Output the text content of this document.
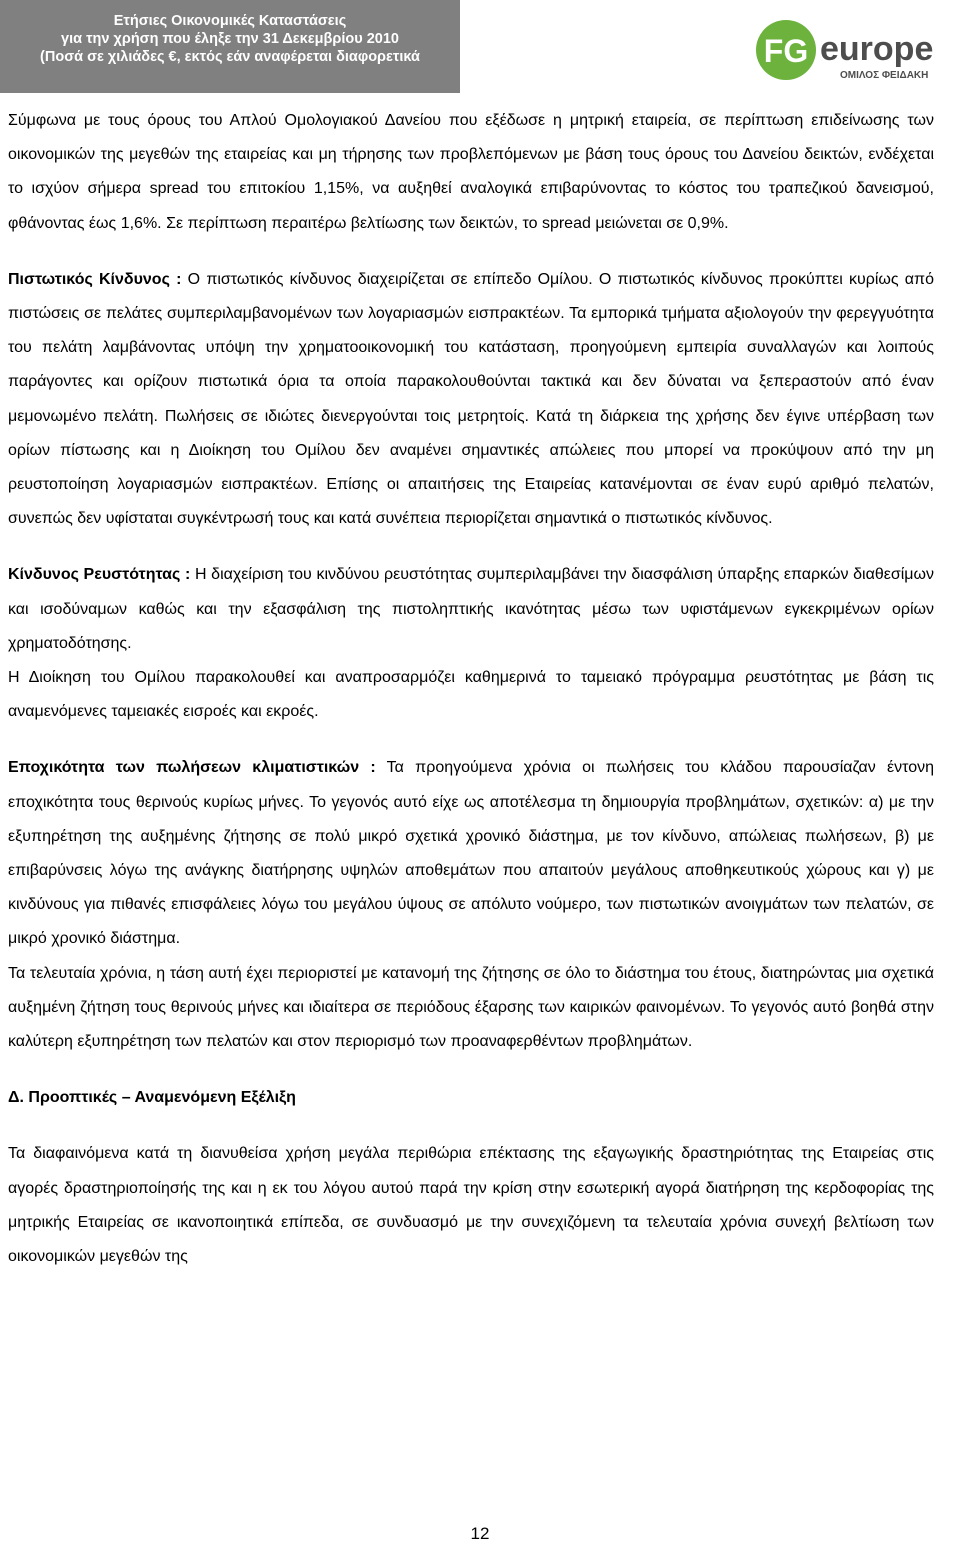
Ετήσιες Οικονομικές Καταστάσεις
για την χρήση που έληξε την 31 Δεκεμβρίου 2010
(Ποσά σε χιλιάδες €, εκτός εάν αναφέρεται διαφορετικά	FG europe
ΟΜΙΛΟΣ ΦΕΙΔΑΚΗ

Σύμφωνα με τους όρους του Απλού Ομολογιακού Δανείου που εξέδωσε η μητρική εταιρεία, σε περίπτωση επιδείνωσης των οικονομικών της μεγεθών της εταιρείας και μη τήρησης των προβλεπόμενων με βάση τους όρους του Δανείου δεικτών, ενδέχεται το ισχύον σήμερα spread του επιτοκίου 1,15%, να αυξηθεί αναλογικά επιβαρύνοντας το κόστος του τραπεζικού δανεισμού, φθάνοντας έως 1,6%. Σε περίπτωση περαιτέρω βελτίωσης των δεικτών, το spread μειώνεται σε 0,9%.

Πιστωτικός Κίνδυνος : Ο πιστωτικός κίνδυνος διαχειρίζεται σε επίπεδο Ομίλου. Ο πιστωτικός κίνδυνος προκύπτει κυρίως από πιστώσεις σε πελάτες συμπεριλαμβανομένων των λογαριασμών εισπρακτέων. Τα εμπορικά τμήματα αξιολογούν την φερεγγυότητα του πελάτη λαμβάνοντας υπόψη την χρηματοοικονομική του κατάσταση, προηγούμενη εμπειρία συναλλαγών και λοιπούς παράγοντες και ορίζουν πιστωτικά όρια τα οποία παρακολουθούνται τακτικά και δεν δύναται να ξεπεραστούν από έναν μεμονωμένο πελάτη. Πωλήσεις σε ιδιώτες διενεργούνται τοις μετρητοίς. Κατά τη διάρκεια της χρήσης δεν έγινε υπέρβαση των ορίων πίστωσης και η Διοίκηση του Ομίλου δεν αναμένει σημαντικές απώλειες που μπορεί να προκύψουν από την μη ρευστοποίηση λογαριασμών εισπρακτέων. Επίσης οι απαιτήσεις της Εταιρείας κατανέμονται σε έναν ευρύ αριθμό πελατών, συνεπώς δεν υφίσταται συγκέντρωσή τους και κατά συνέπεια περιορίζεται σημαντικά ο πιστωτικός κίνδυνος.

Κίνδυνος Ρευστότητας : Η διαχείριση του κινδύνου ρευστότητας συμπεριλαμβάνει την διασφάλιση ύπαρξης επαρκών διαθεσίμων και ισοδύναμων καθώς και την εξασφάλιση της πιστοληπτικής ικανότητας μέσω των υφιστάμενων εγκεκριμένων ορίων χρηματοδότησης.

Η Διοίκηση του Ομίλου παρακολουθεί και αναπροσαρμόζει καθημερινά το ταμειακό πρόγραμμα ρευστότητας με βάση τις αναμενόμενες ταμειακές εισροές και εκροές.

Εποχικότητα των πωλήσεων κλιματιστικών : Τα προηγούμενα χρόνια οι πωλήσεις του κλάδου παρουσίαζαν έντονη εποχικότητα τους θερινούς κυρίως μήνες. Το γεγονός αυτό είχε ως αποτέλεσμα τη δημιουργία προβλημάτων, σχετικών: α) με την εξυπηρέτηση της αυξημένης ζήτησης σε πολύ μικρό σχετικά χρονικό διάστημα, με τον κίνδυνο, απώλειας πωλήσεων, β) με επιβαρύνσεις λόγω της ανάγκης διατήρησης υψηλών αποθεμάτων που απαιτούν μεγάλους αποθηκευτικούς χώρους και γ) με κινδύνους για πιθανές επισφάλειες λόγω του μεγάλου ύψους σε απόλυτο νούμερο, των πιστωτικών ανοιγμάτων των πελατών, σε μικρό χρονικό διάστημα.

Τα τελευταία χρόνια, η τάση αυτή έχει περιοριστεί με κατανομή της ζήτησης σε όλο το διάστημα του έτους, διατηρώντας μια σχετικά αυξημένη ζήτηση τους θερινούς μήνες και ιδιαίτερα σε περιόδους έξαρσης των καιρικών φαινομένων. Το γεγονός αυτό βοηθά στην καλύτερη εξυπηρέτηση των πελατών και στον περιορισμό των προαναφερθέντων προβλημάτων.

Δ. Προοπτικές – Αναμενόμενη Εξέλιξη

Τα διαφαινόμενα κατά τη διανυθείσα χρήση μεγάλα περιθώρια επέκτασης της εξαγωγικής δραστηριότητας της Εταιρείας στις αγορές δραστηριοποίησής της και η εκ του λόγου αυτού παρά την κρίση στην εσωτερική αγορά διατήρηση της κερδοφορίας της μητρικής Εταιρείας σε ικανοποιητικά επίπεδα, σε συνδυασμό με την συνεχιζόμενη τα τελευταία χρόνια συνεχή βελτίωση των οικονομικών μεγεθών της

12
